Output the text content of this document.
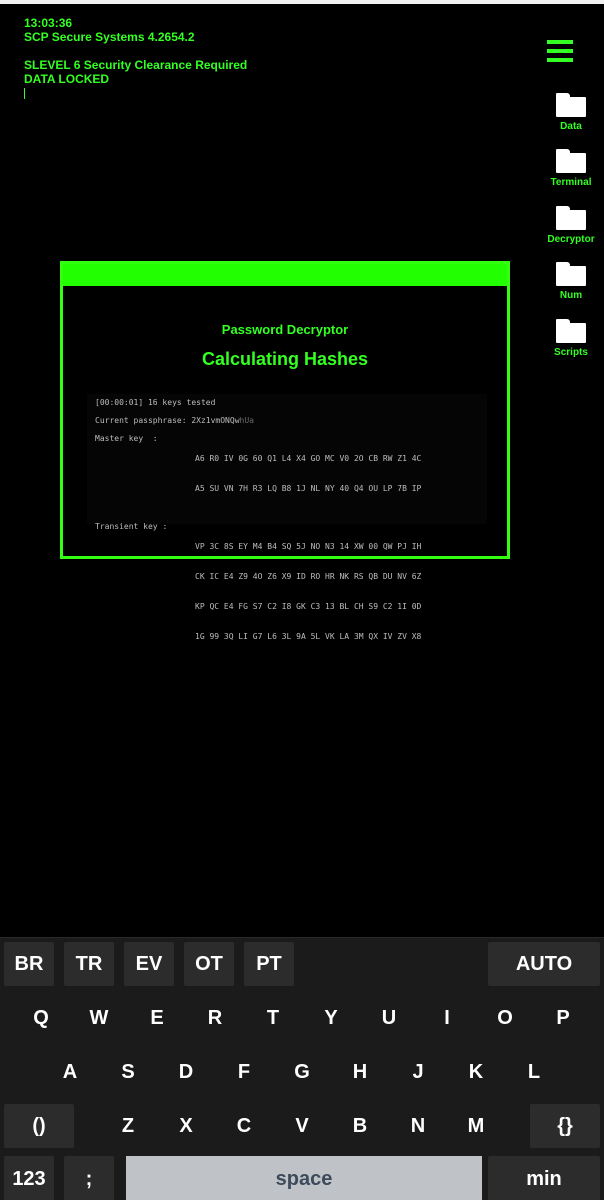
13:03:36
SCP Secure Systems 4.2654.2
SLEVEL 6 Security Clearance Required
DATA LOCKED
Data
Terminal
Decryptor
Num
Scripts
Password Decryptor
Calculating Hashes
[00:00:01] 16 keys tested
Current passphrase: 2Xz1vmONQwhUa
Master key  :

A6 R0 IV 0G 60 Q1 L4 X4 GO MC V0 2O CB RW Z1 4C

A5 SU VN 7H R3 LQ B8 1J NL NY 40 Q4 OU LP 7B IP

Transient key :

VP 3C 8S EY M4 B4 SQ 5J NO N3 14 XW 00 QW PJ IH

CK IC E4 Z9 4O Z6 X9 ID RO HR NK RS QB DU NV 6Z

KP QC E4 FG S7 C2 I8 GK C3 13 BL CH S9 C2 1I 0D

1G 99 3Q LI G7 L6 3L 9A 5L VK LA 3M QX IV ZV X8

BR	TR	EV	OT	PT	AUTO
Q	W	E	R	T	Y	U	I	O	P
A	S	D	F	G	H	J	K	L
()	Z	X	C	V	B	N	M	{}
123	;	space	min
